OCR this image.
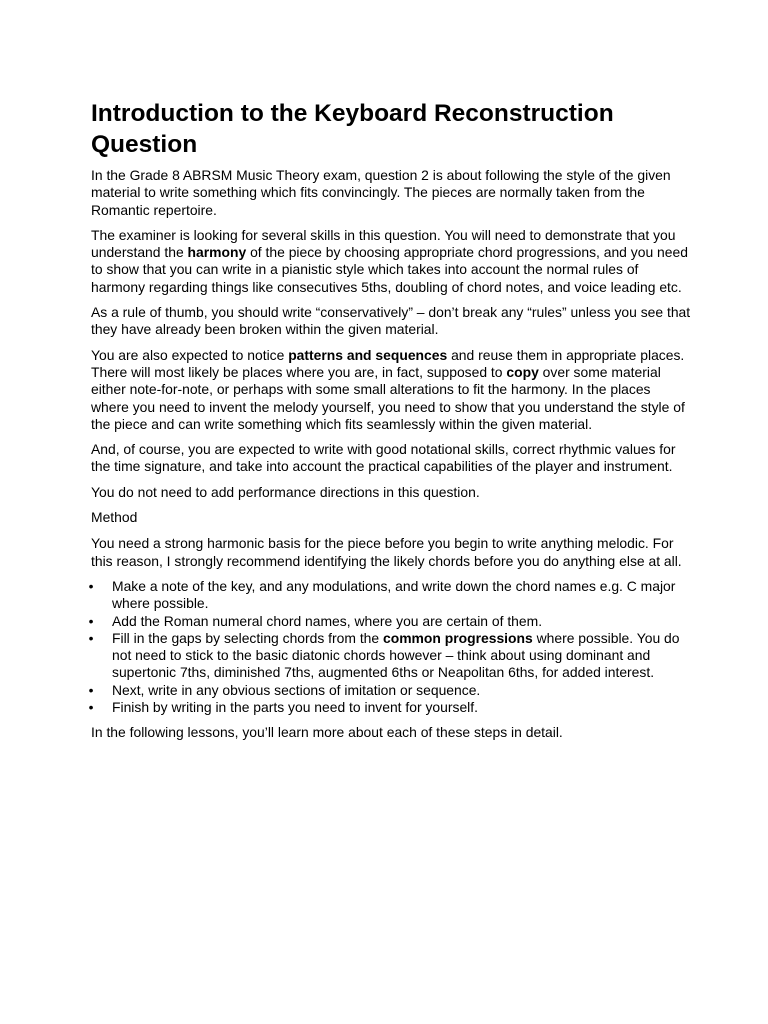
Introduction to the Keyboard Reconstruction Question

In the Grade 8 ABRSM Music Theory exam, question 2 is about following the style of the given material to write something which fits convincingly. The pieces are normally taken from the Romantic repertoire.

The examiner is looking for several skills in this question. You will need to demonstrate that you understand the harmony of the piece by choosing appropriate chord progressions, and you need to show that you can write in a pianistic style which takes into account the normal rules of harmony regarding things like consecutives 5ths, doubling of chord notes, and voice leading etc.

As a rule of thumb, you should write “conservatively” – don’t break any “rules” unless you see that they have already been broken within the given material.

You are also expected to notice patterns and sequences and reuse them in appropriate places. There will most likely be places where you are, in fact, supposed to copy over some material either note-for-note, or perhaps with some small alterations to fit the harmony. In the places where you need to invent the melody yourself, you need to show that you understand the style of the piece and can write something which fits seamlessly within the given material.

And, of course, you are expected to write with good notational skills, correct rhythmic values for the time signature, and take into account the practical capabilities of the player and instrument.

You do not need to add performance directions in this question.

Method

You need a strong harmonic basis for the piece before you begin to write anything melodic. For this reason, I strongly recommend identifying the likely chords before you do anything else at all.

• Make a note of the key, and any modulations, and write down the chord names e.g. C major where possible.
• Add the Roman numeral chord names, where you are certain of them.
• Fill in the gaps by selecting chords from the common progressions where possible. You do not need to stick to the basic diatonic chords however – think about using dominant and supertonic 7ths, diminished 7ths, augmented 6ths or Neapolitan 6ths, for added interest.
• Next, write in any obvious sections of imitation or sequence.
• Finish by writing in the parts you need to invent for yourself.

In the following lessons, you’ll learn more about each of these steps in detail.
